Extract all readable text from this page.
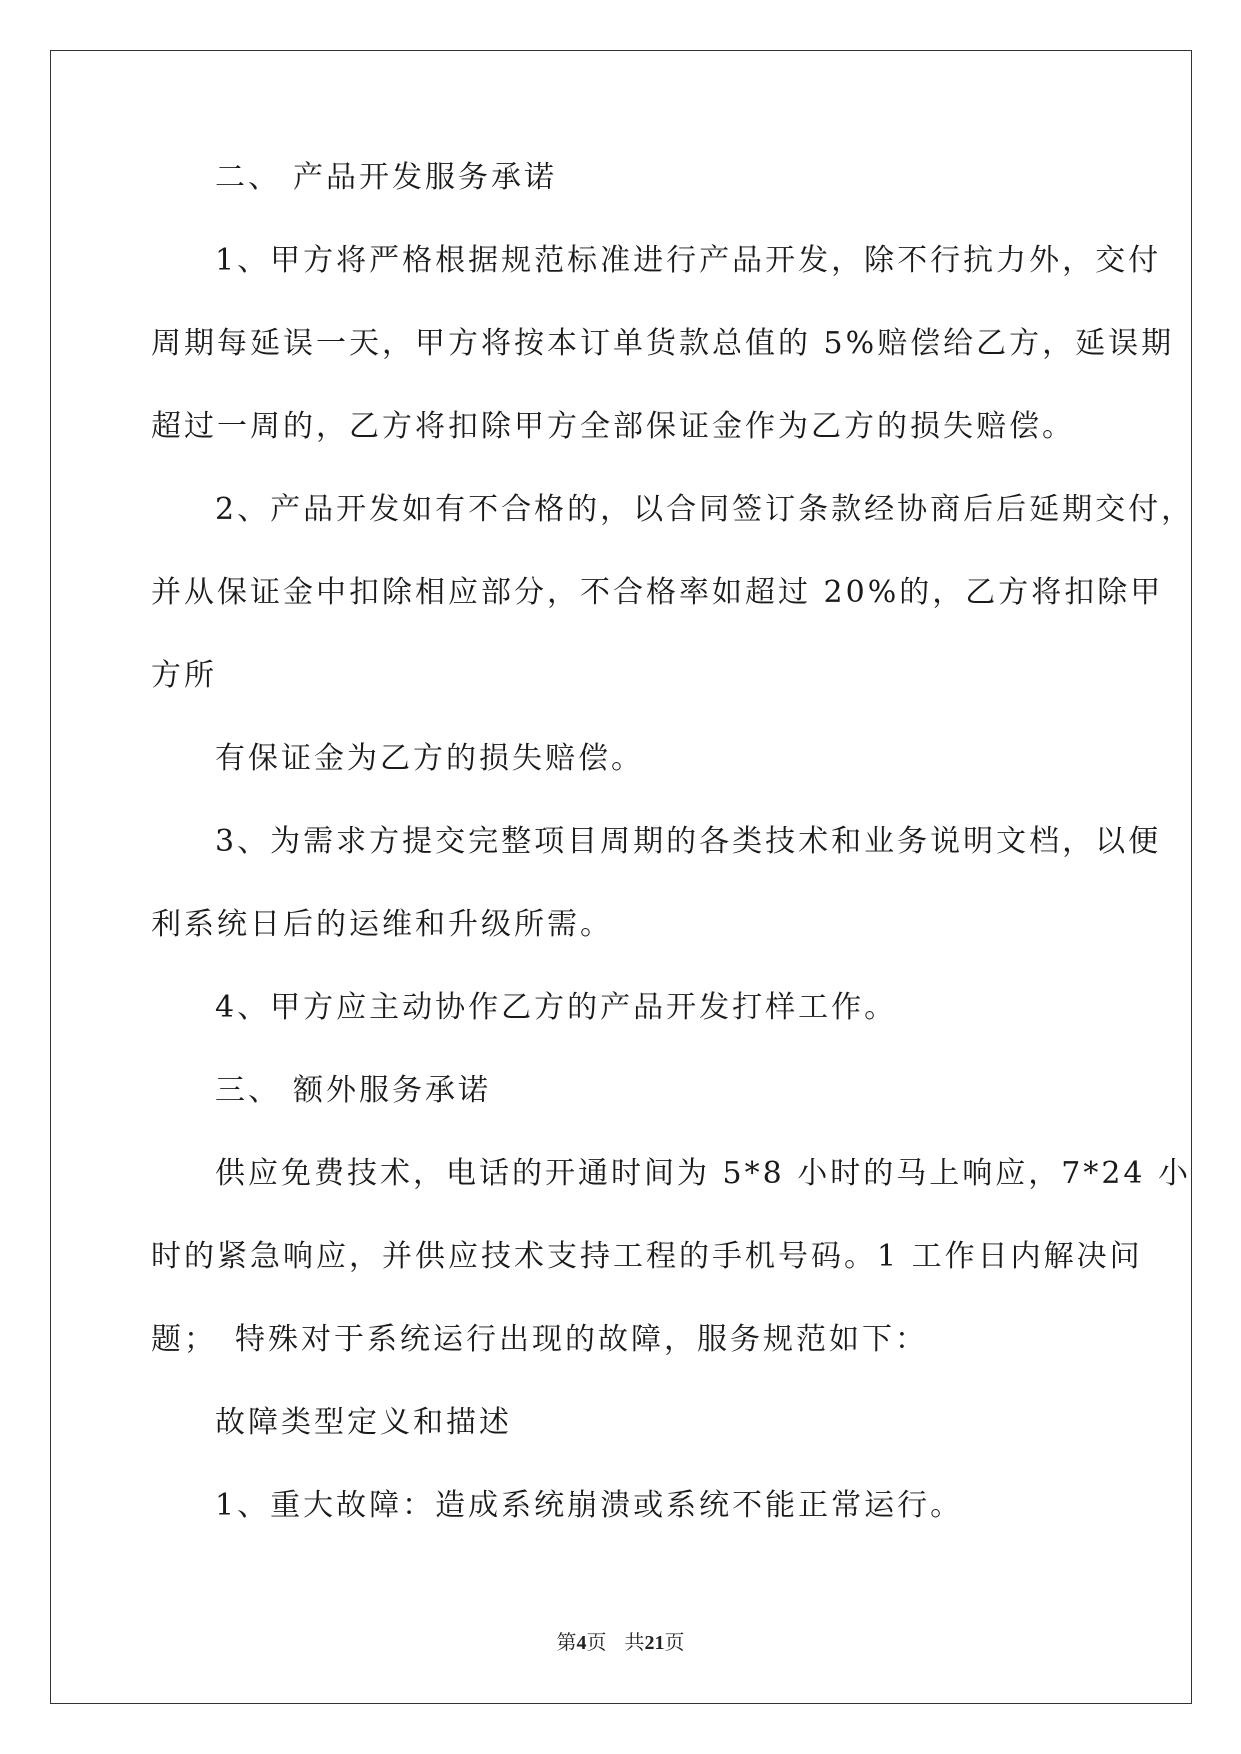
二、 产品开发服务承诺
1、甲方将严格根据规范标准进行产品开发，除不行抗力外，交付
周期每延误一天，甲方将按本订单货款总值的 5%赔偿给乙方，延误期
超过一周的，乙方将扣除甲方全部保证金作为乙方的损失赔偿。
2、产品开发如有不合格的，以合同签订条款经协商后后延期交付，
并从保证金中扣除相应部分，不合格率如超过 20%的，乙方将扣除甲
方所
有保证金为乙方的损失赔偿。
3、为需求方提交完整项目周期的各类技术和业务说明文档，以便
利系统日后的运维和升级所需。
4、甲方应主动协作乙方的产品开发打样工作。
三、 额外服务承诺
供应免费技术，电话的开通时间为 5*8 小时的马上响应，7*24 小
时的紧急响应，并供应技术支持工程的手机号码。1 工作日内解决问
题；　特殊对于系统运行出现的故障，服务规范如下：
故障类型定义和描述
1、重大故障：造成系统崩溃或系统不能正常运行。
第4页 共21页
